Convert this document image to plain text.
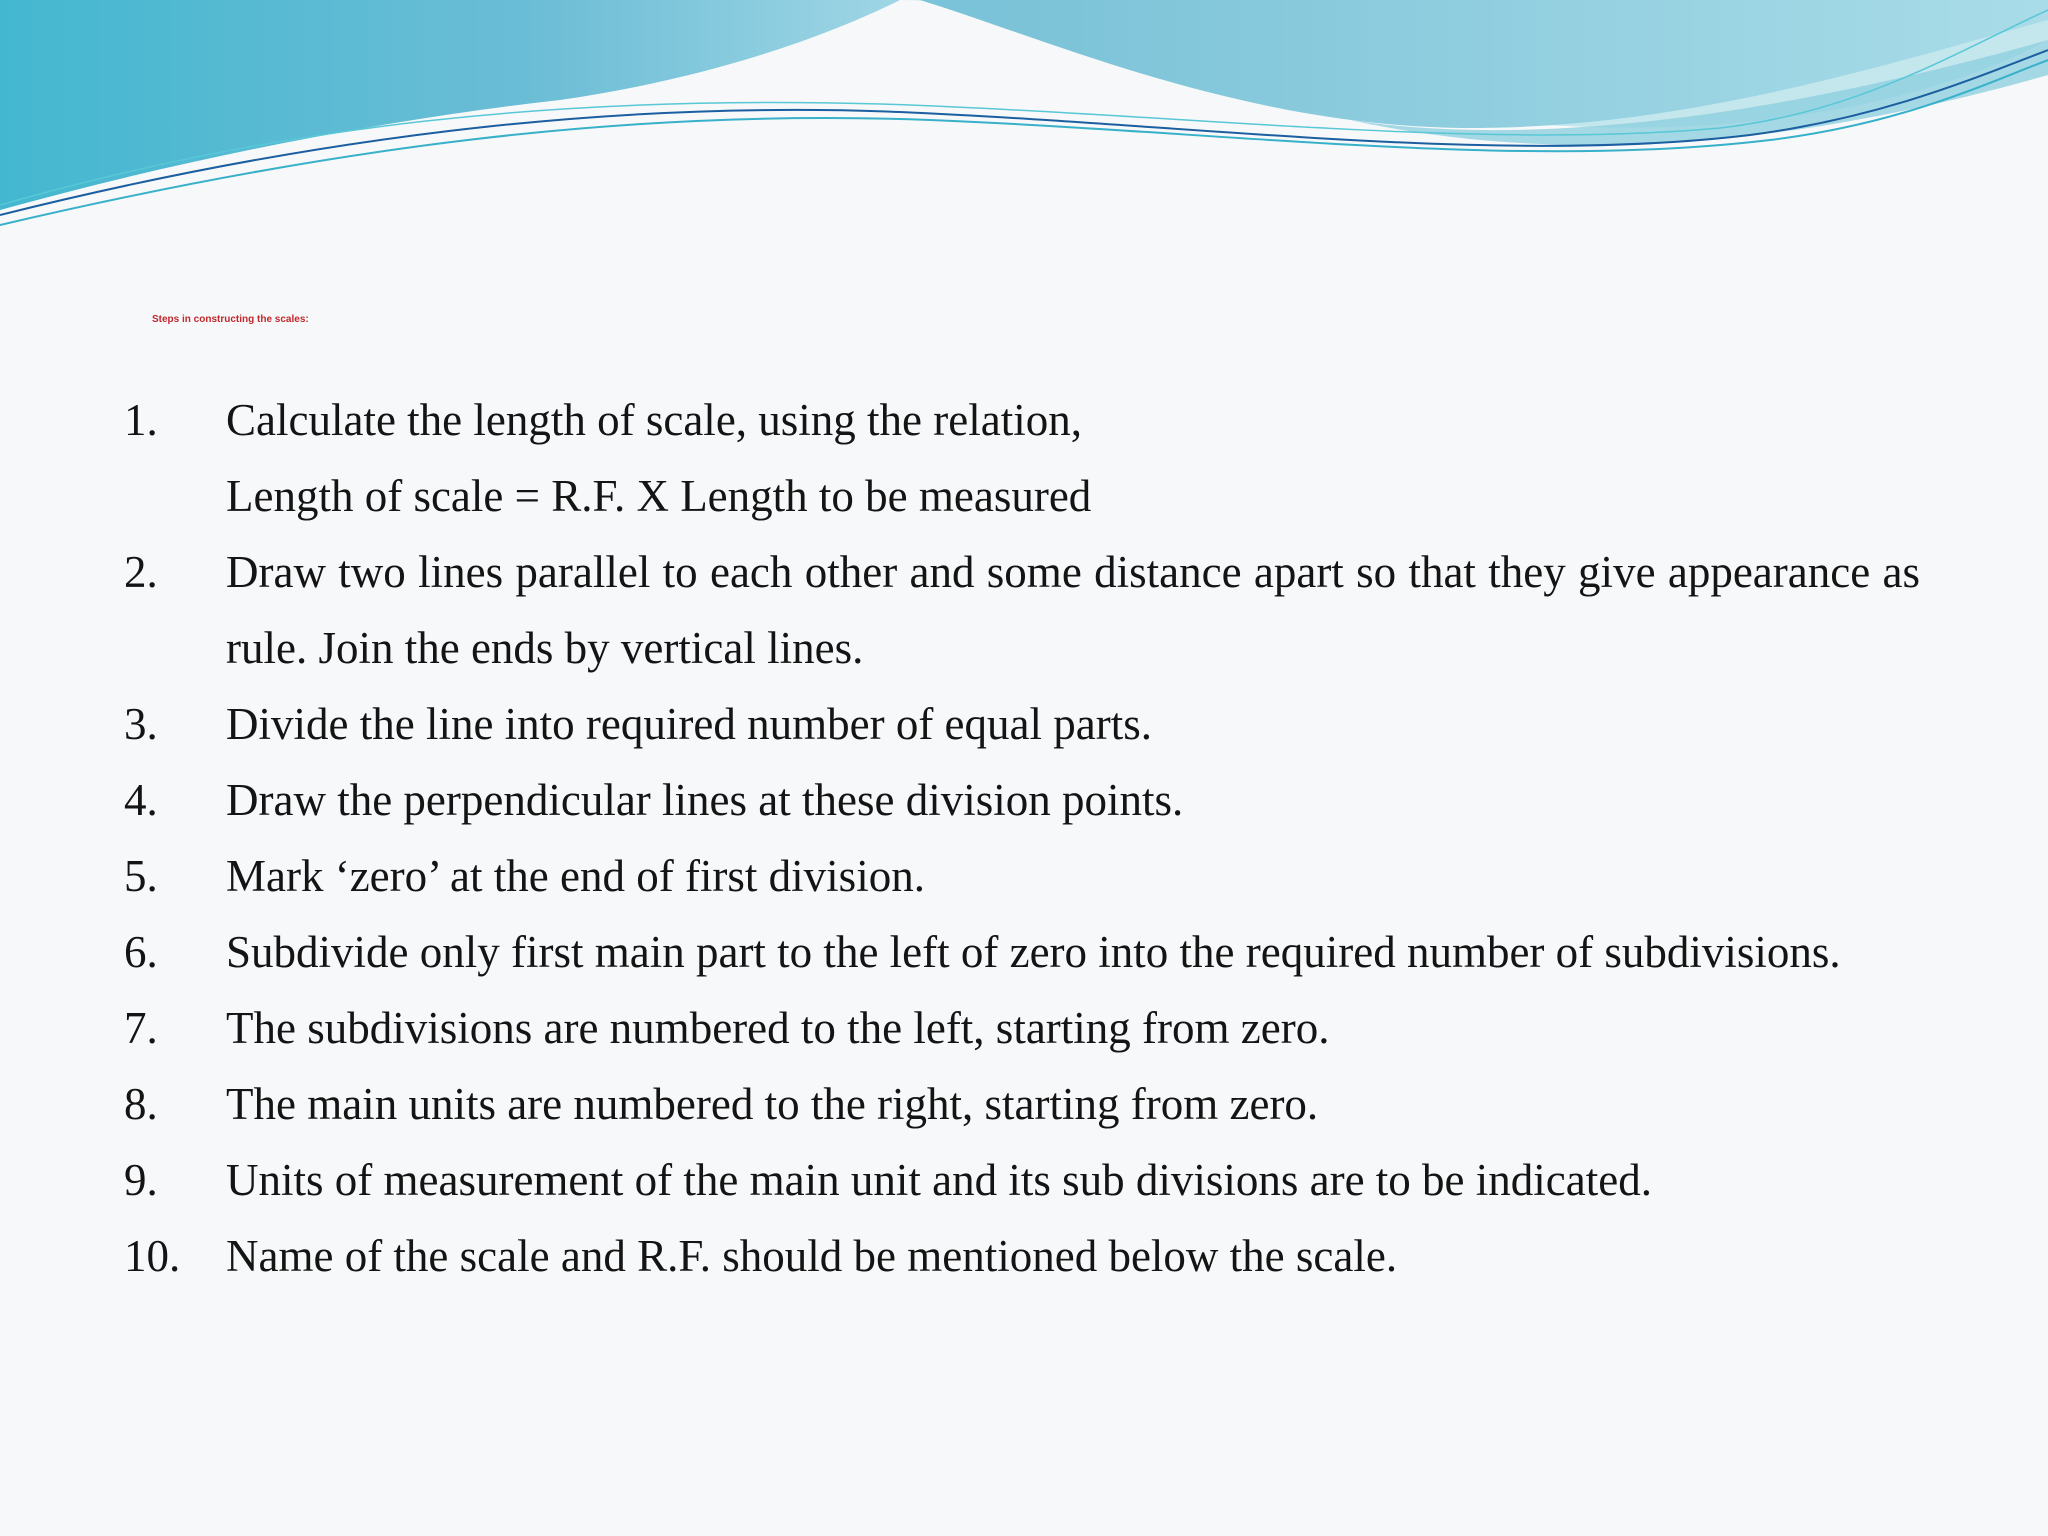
Steps in constructing the scales:
1. Calculate the length of scale, using the relation,
Length of scale = R.F. X Length to be measured
2. Draw two lines parallel to each other and some distance apart so that they give appearance as rule. Join the ends by vertical lines.
3. Divide the line into required number of equal parts.
4. Draw the perpendicular lines at these division points.
5. Mark ‘zero’ at the end of first division.
6. Subdivide only first main part to the left of zero into the required number of subdivisions.
7. The subdivisions are numbered to the left, starting from zero.
8. The main units are numbered to the right, starting from zero.
9. Units of measurement of the main unit and its sub divisions are to be indicated.
10. Name of the scale and R.F. should be mentioned below the scale.
